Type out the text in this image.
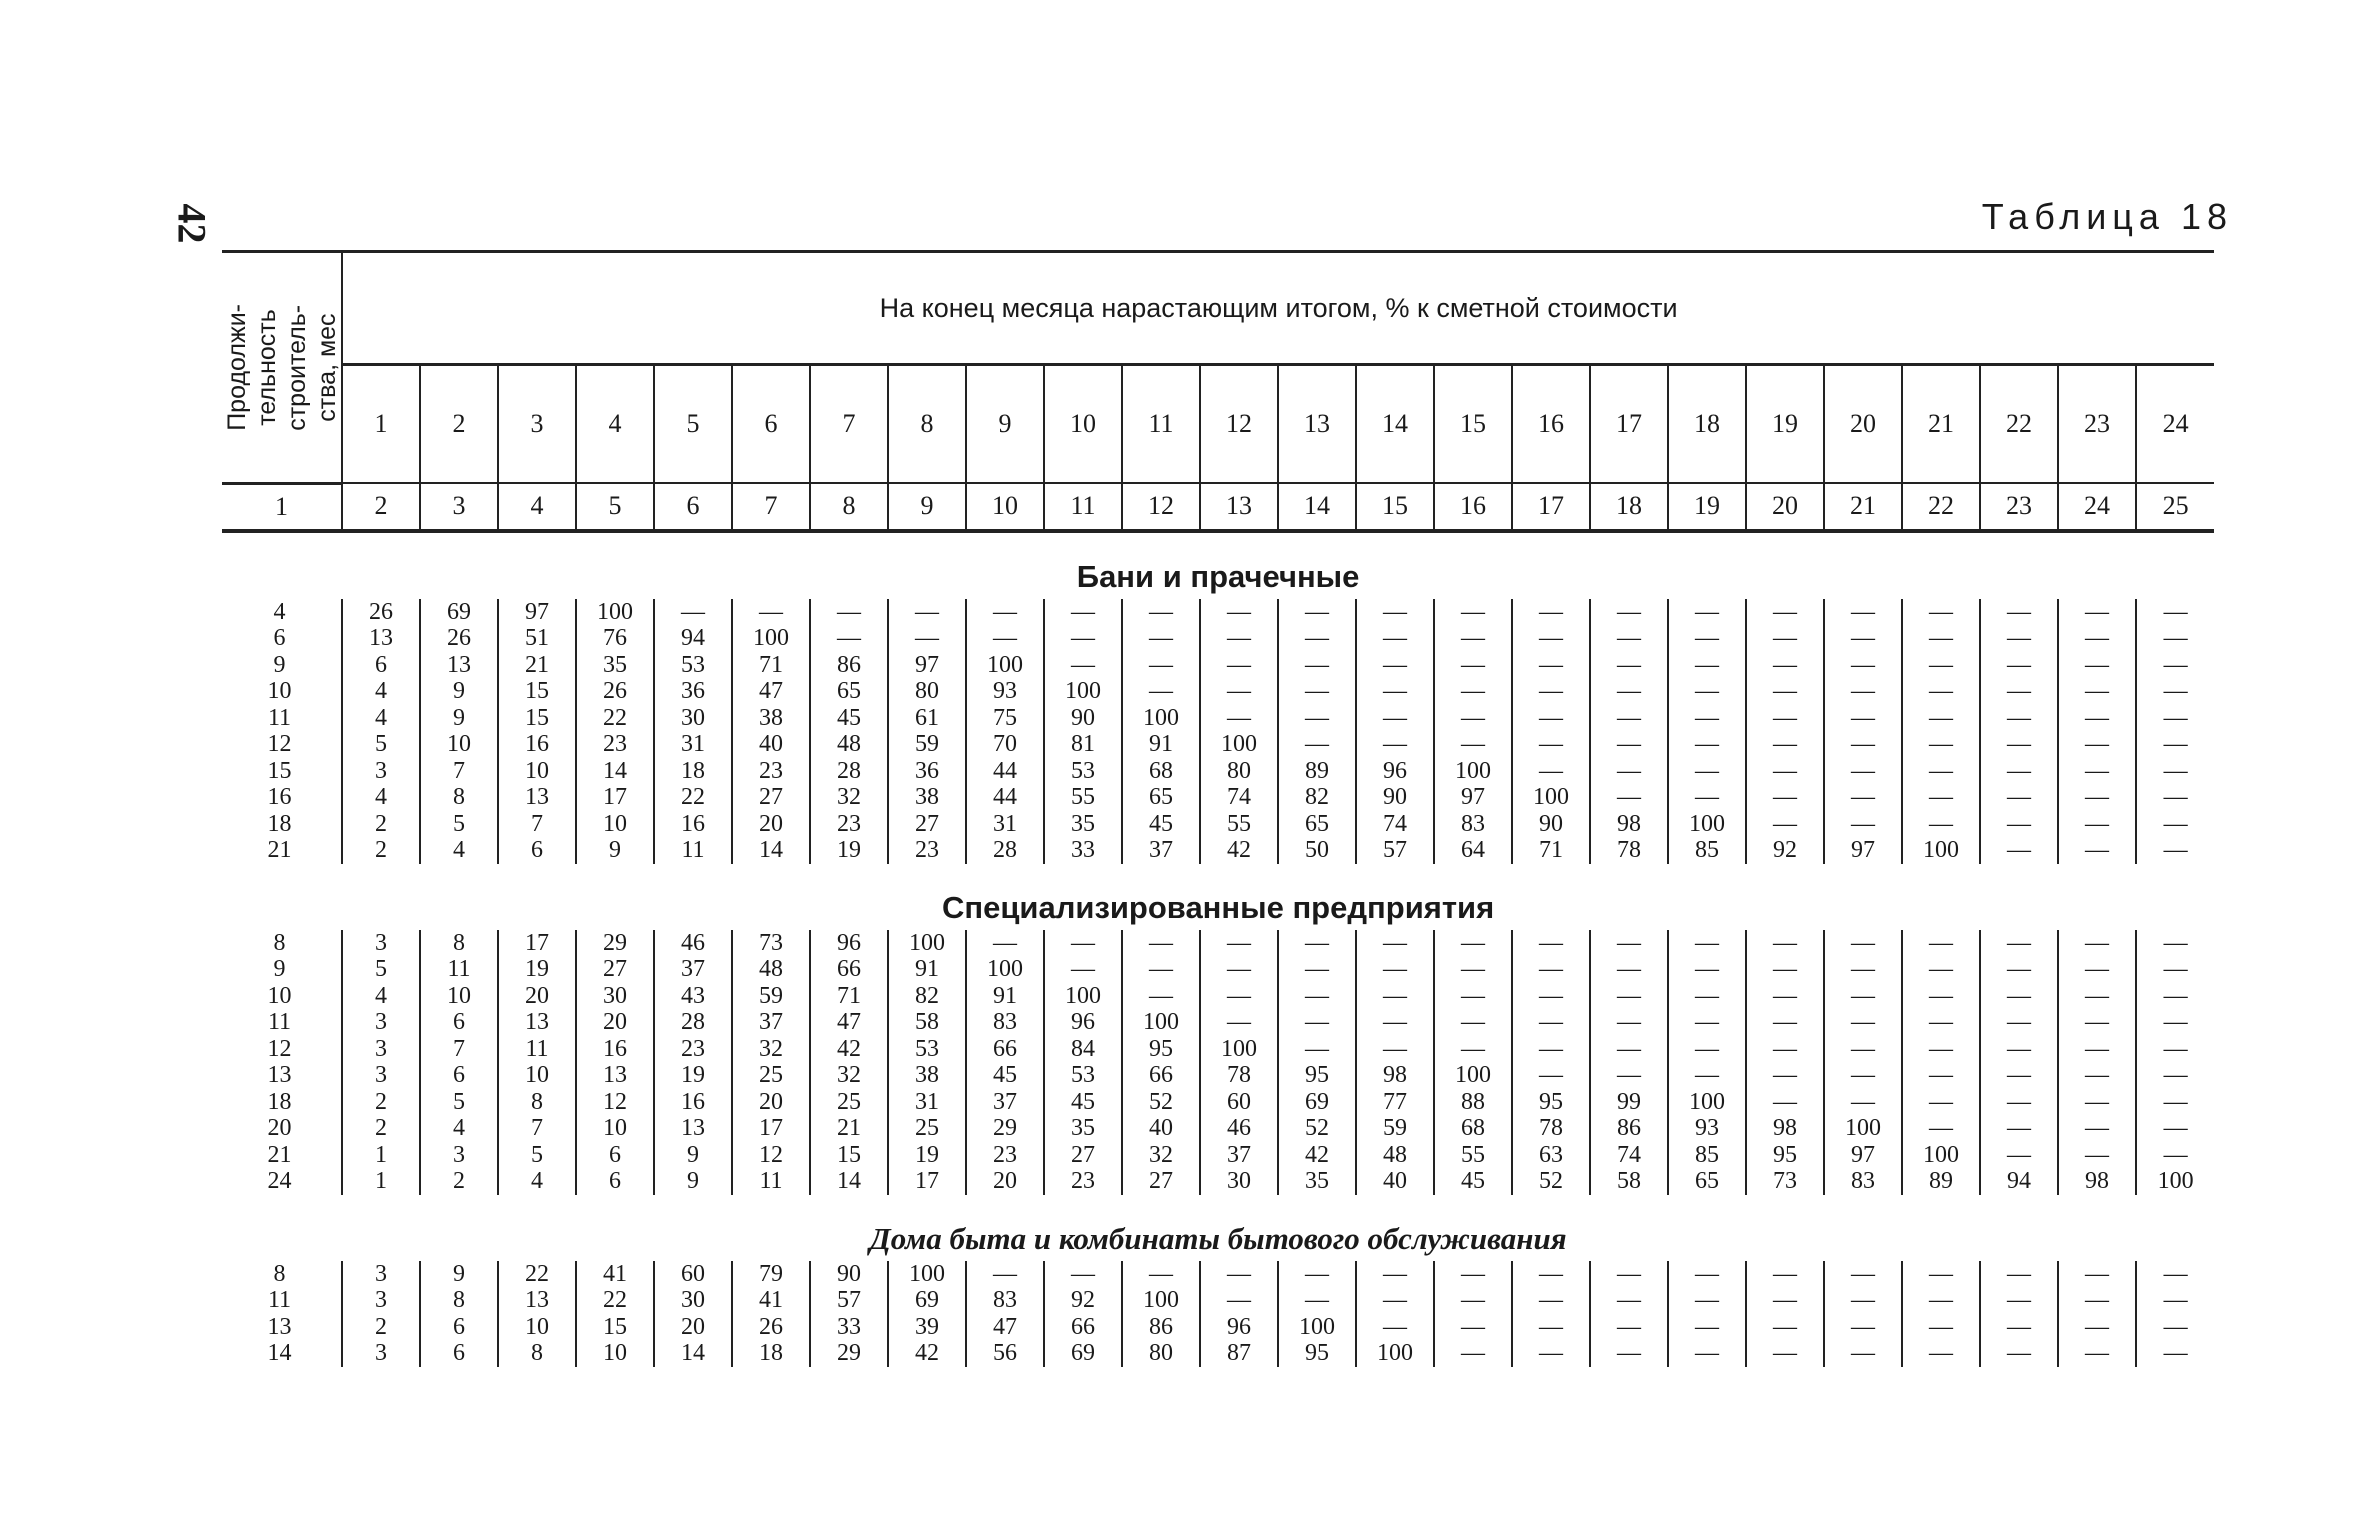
42	Таблица 18
Продолжи-
тельность
строитель-
ства, мес	На конец месяца нарастающим итогом, % к сметной стоимости																							
	1	2	3	4	5	6	7	8	9	10	11	12	13	14	15	16	17	18	19	20	21	22	23	24
1	2	3	4	5	6	7	8	9	10	11	12	13	14	15	16	17	18	19	20	21	22	23	24	25
Бани и прачечные																								
4	26	69	97	100	—	—	—	—	—	—	—	—	—	—	—	—	—	—	—	—	—	—	—	—
6	13	26	51	76	94	100	—	—	—	—	—	—	—	—	—	—	—	—	—	—	—	—	—	—
9	6	13	21	35	53	71	86	97	100	—	—	—	—	—	—	—	—	—	—	—	—	—	—	—
10	4	9	15	26	36	47	65	80	93	100	—	—	—	—	—	—	—	—	—	—	—	—	—	—
11	4	9	15	22	30	38	45	61	75	90	100	—	—	—	—	—	—	—	—	—	—	—	—	—
12	5	10	16	23	31	40	48	59	70	81	91	100	—	—	—	—	—	—	—	—	—	—	—	—
15	3	7	10	14	18	23	28	36	44	53	68	80	89	96	100	—	—	—	—	—	—	—	—	—
16	4	8	13	17	22	27	32	38	44	55	65	74	82	90	97	100	—	—	—	—	—	—	—	—
18	2	5	7	10	16	20	23	27	31	35	45	55	65	74	83	90	98	100	—	—	—	—	—	—
21	2	4	6	9	11	14	19	23	28	33	37	42	50	57	64	71	78	85	92	97	100	—	—	—
Специализированные предприятия																								
8	3	8	17	29	46	73	96	100	—	—	—	—	—	—	—	—	—	—	—	—	—	—	—	—
9	5	11	19	27	37	48	66	91	100	—	—	—	—	—	—	—	—	—	—	—	—	—	—	—
10	4	10	20	30	43	59	71	82	91	100	—	—	—	—	—	—	—	—	—	—	—	—	—	—
11	3	6	13	20	28	37	47	58	83	96	100	—	—	—	—	—	—	—	—	—	—	—	—	—
12	3	7	11	16	23	32	42	53	66	84	95	100	—	—	—	—	—	—	—	—	—	—	—	—
13	3	6	10	13	19	25	32	38	45	53	66	78	95	98	100	—	—	—	—	—	—	—	—	—
18	2	5	8	12	16	20	25	31	37	45	52	60	69	77	88	95	99	100	—	—	—	—	—	—
20	2	4	7	10	13	17	21	25	29	35	40	46	52	59	68	78	86	93	98	100	—	—	—	—
21	1	3	5	6	9	12	15	19	23	27	32	37	42	48	55	63	74	85	95	97	100	—	—	—
24	1	2	4	6	9	11	14	17	20	23	27	30	35	40	45	52	58	65	73	83	89	94	98	100
Дома быта и комбинаты бытового обслуживания																								
8	3	9	22	41	60	79	90	100	—	—	—	—	—	—	—	—	—	—	—	—	—	—	—	—
11	3	8	13	22	30	41	57	69	83	92	100	—	—	—	—	—	—	—	—	—	—	—	—	—
13	2	6	10	15	20	26	33	39	47	66	86	96	100	—	—	—	—	—	—	—	—	—	—	—
14	3	6	8	10	14	18	29	42	56	69	80	87	95	100	—	—	—	—	—	—	—	—	—	—
